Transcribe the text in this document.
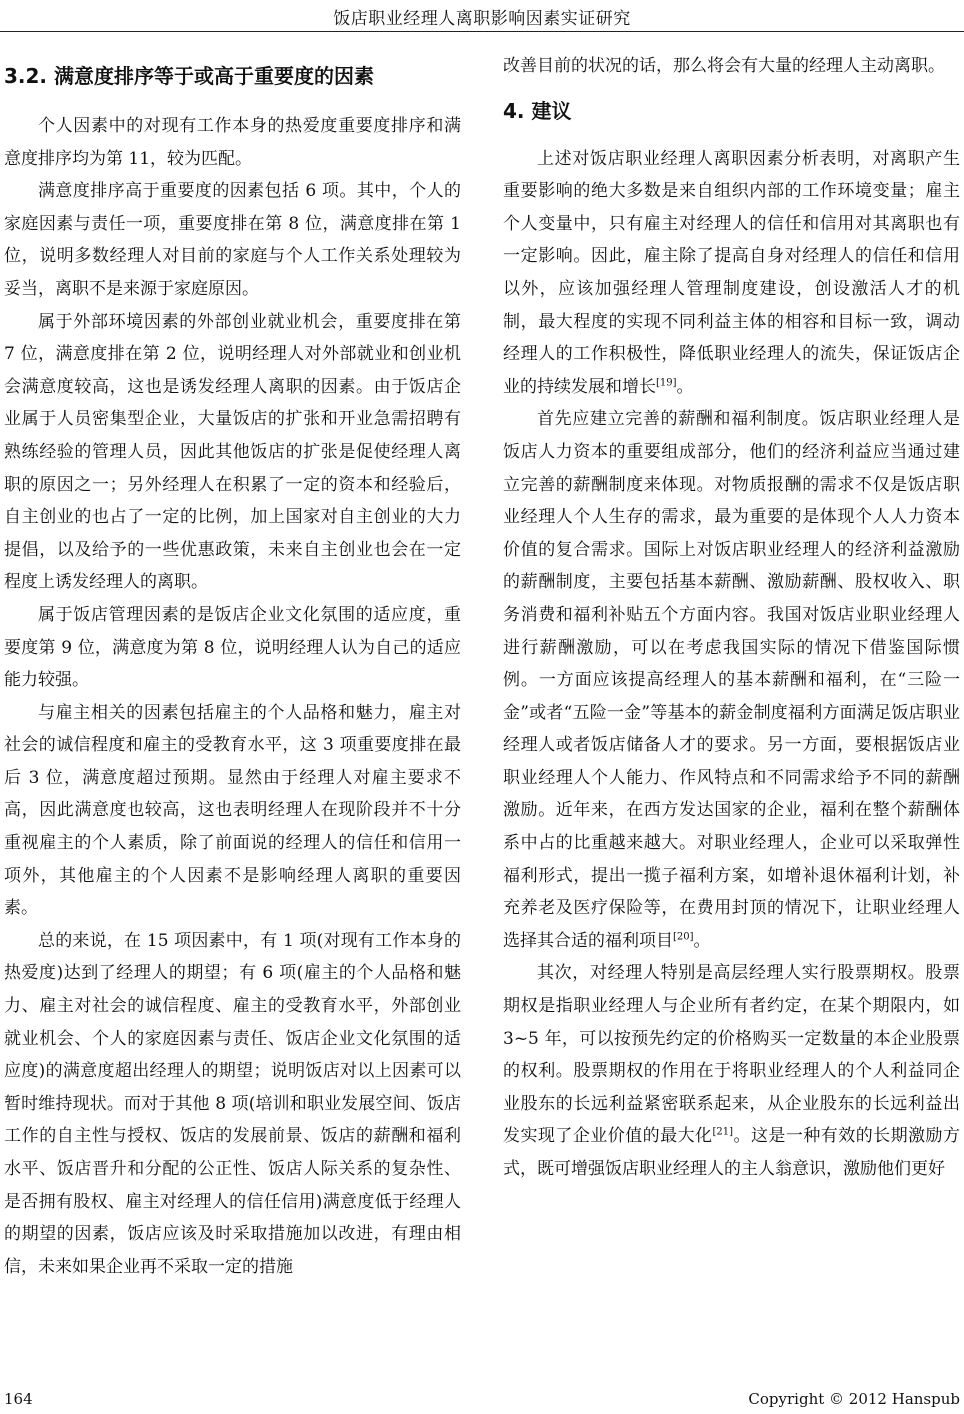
饭店职业经理人离职影响因素实证研究
3.2. 满意度排序等于或高于重要度的因素

个人因素中的对现有工作本身的热爱度重要度排序和满意度排序均为第 11，较为匹配。

满意度排序高于重要度的因素包括 6 项。其中，个人的家庭因素与责任一项，重要度排在第 8 位，满意度排在第 1 位，说明多数经理人对目前的家庭与个人工作关系处理较为妥当，离职不是来源于家庭原因。

属于外部环境因素的外部创业就业机会，重要度排在第 7 位，满意度排在第 2 位，说明经理人对外部就业和创业机会满意度较高，这也是诱发经理人离职的因素。由于饭店企业属于人员密集型企业，大量饭店的扩张和开业急需招聘有熟练经验的管理人员，因此其他饭店的扩张是促使经理人离职的原因之一；另外经理人在积累了一定的资本和经验后，自主创业的也占了一定的比例，加上国家对自主创业的大力提倡，以及给予的一些优惠政策，未来自主创业也会在一定程度上诱发经理人的离职。

属于饭店管理因素的是饭店企业文化氛围的适应度，重要度第 9 位，满意度为第 8 位，说明经理人认为自己的适应能力较强。

与雇主相关的因素包括雇主的个人品格和魅力，雇主对社会的诚信程度和雇主的受教育水平，这 3 项重要度排在最后 3 位，满意度超过预期。显然由于经理人对雇主要求不高，因此满意度也较高，这也表明经理人在现阶段并不十分重视雇主的个人素质，除了前面说的经理人的信任和信用一项外，其他雇主的个人因素不是影响经理人离职的重要因素。

总的来说，在 15 项因素中，有 1 项(对现有工作本身的热爱度)达到了经理人的期望；有 6 项(雇主的个人品格和魅力、雇主对社会的诚信程度、雇主的受教育水平，外部创业就业机会、个人的家庭因素与责任、饭店企业文化氛围的适应度)的满意度超出经理人的期望；说明饭店对以上因素可以暂时维持现状。而对于其他 8 项(培训和职业发展空间、饭店工作的自主性与授权、饭店的发展前景、饭店的薪酬和福利水平、饭店晋升和分配的公正性、饭店人际关系的复杂性、是否拥有股权、雇主对经理人的信任信用)满意度低于经理人的期望的因素，饭店应该及时采取措施加以改进，有理由相信，未来如果企业再不采取一定的措施

改善目前的状况的话，那么将会有大量的经理人主动离职。

4. 建议

上述对饭店职业经理人离职因素分析表明，对离职产生重要影响的绝大多数是来自组织内部的工作环境变量；雇主个人变量中，只有雇主对经理人的信任和信用对其离职也有一定影响。因此，雇主除了提高自身对经理人的信任和信用以外，应该加强经理人管理制度建设，创设激活人才的机制，最大程度的实现不同利益主体的相容和目标一致，调动经理人的工作积极性，降低职业经理人的流失，保证饭店企业的持续发展和增长[19]。

首先应建立完善的薪酬和福利制度。饭店职业经理人是饭店人力资本的重要组成部分，他们的经济利益应当通过建立完善的薪酬制度来体现。对物质报酬的需求不仅是饭店职业经理人个人生存的需求，最为重要的是体现个人人力资本价值的复合需求。国际上对饭店职业经理人的经济利益激励的薪酬制度，主要包括基本薪酬、激励薪酬、股权收入、职务消费和福利补贴五个方面内容。我国对饭店业职业经理人进行薪酬激励，可以在考虑我国实际的情况下借鉴国际惯例。一方面应该提高经理人的基本薪酬和福利，在“三险一金”或者“五险一金”等基本的薪金制度福利方面满足饭店职业经理人或者饭店储备人才的要求。另一方面，要根据饭店业职业经理人个人能力、作风特点和不同需求给予不同的薪酬激励。近年来，在西方发达国家的企业，福利在整个薪酬体系中占的比重越来越大。对职业经理人，企业可以采取弹性福利形式，提出一揽子福利方案，如增补退休福利计划，补充养老及医疗保险等，在费用封顶的情况下，让职业经理人选择其合适的福利项目[20]。

其次，对经理人特别是高层经理人实行股票期权。股票期权是指职业经理人与企业所有者约定，在某个期限内，如 3~5 年，可以按预先约定的价格购买一定数量的本企业股票的权利。股票期权的作用在于将职业经理人的个人利益同企业股东的长远利益紧密联系起来，从企业股东的长远利益出发实现了企业价值的最大化[21]。这是一种有效的长期激励方式，既可增强饭店职业经理人的主人翁意识，激励他们更好

164	Copyright © 2012 Hanspub
